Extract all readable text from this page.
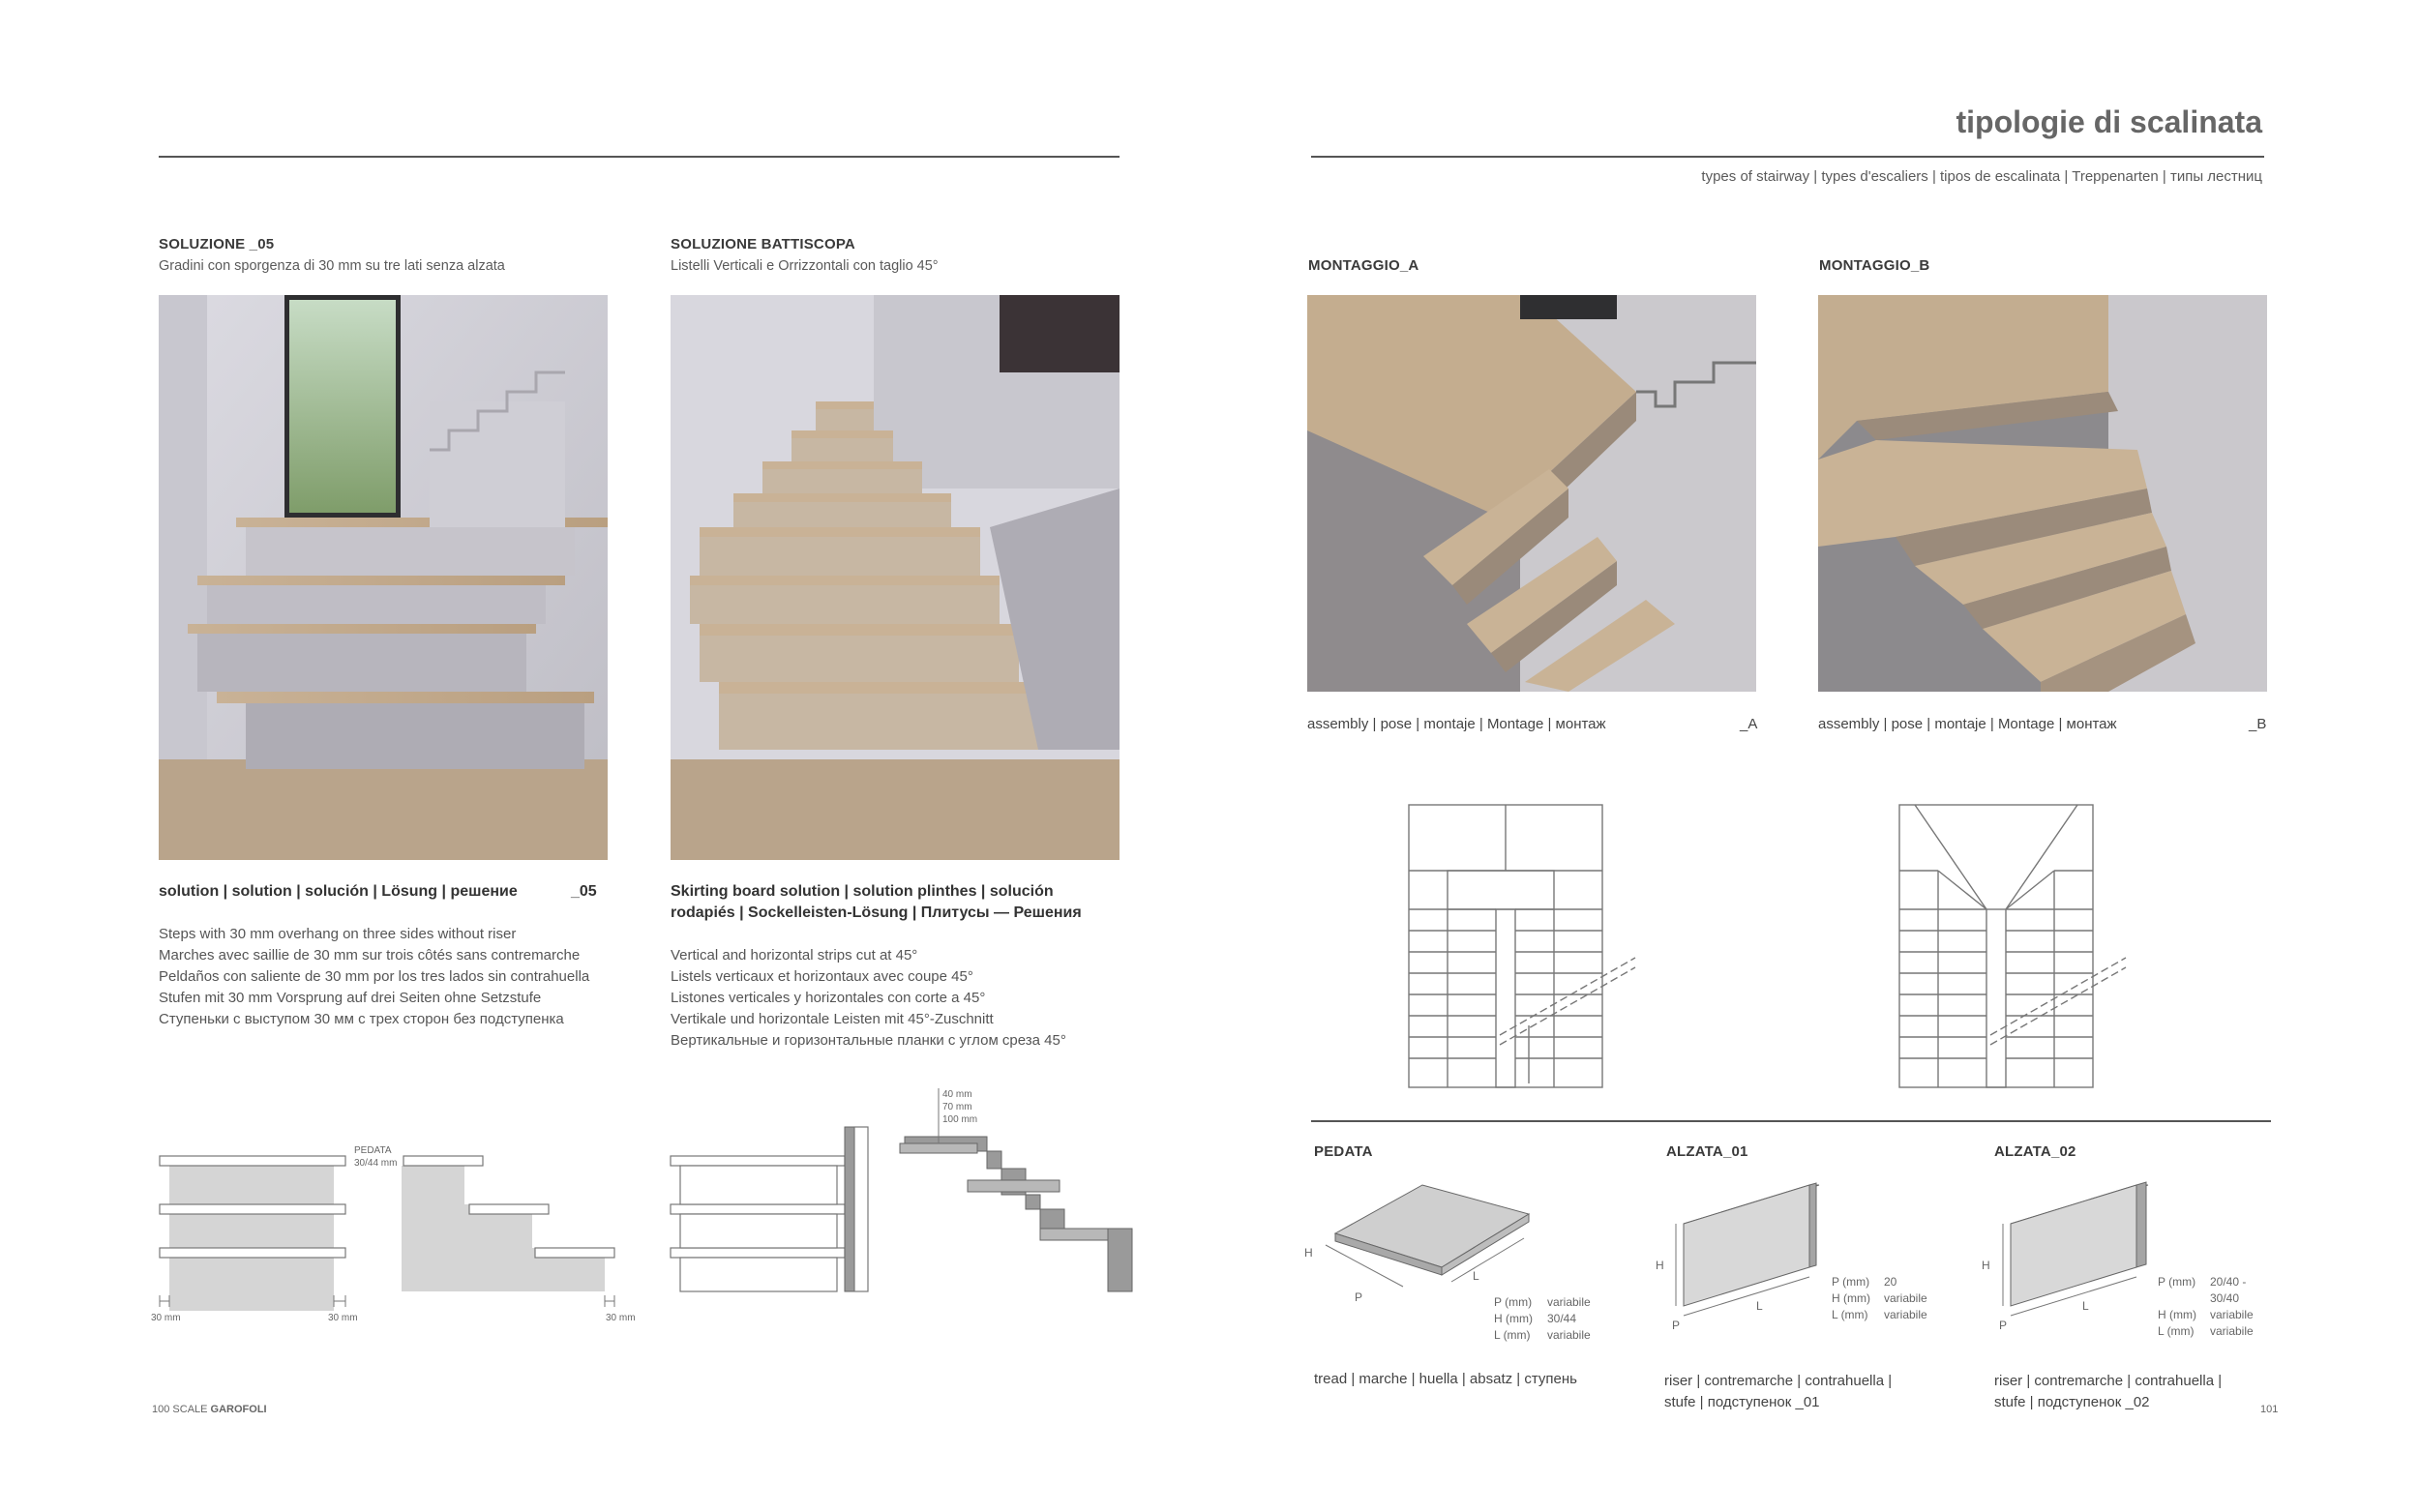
SOLUZIONE _05
Gradini con sporgenza di 30 mm su tre lati senza alzata
SOLUZIONE BATTISCOPA
Listelli Verticali e Orrizzontali con taglio 45°
solution | solution | solución | Lösung | решение	_05
Steps with 30 mm overhang on three sides without riser
Marches avec saillie de 30 mm sur trois côtés sans contremarche
Peldaños con saliente de 30 mm por los tres lados sin contrahuella
Stufen mit 30 mm Vorsprung auf drei Seiten ohne Setzstufe
Ступеньки с выступом 30 мм с трех сторон без подступенка
Skirting board solution | solution plinthes | solución
rodapiés | Sockelleisten-Lösung | Плитусы — Решения
Vertical and horizontal strips cut at 45°
Listels verticaux et horizontaux avec coupe 45°
Listones verticales y horizontales con corte a 45°
Vertikale und horizontale Leisten mit 45°-Zuschnitt
Вертикальные и горизонтальные планки с углом среза 45°
PEDATA
30/44 mm
30 mm	30 mm	30 mm
40 mm
70 mm
100 mm
100 SCALE GAROFOLI
tipologie di scalinata
types of stairway | types d'escaliers | tipos de escalinata | Treppenarten | типы лестниц
MONTAGGIO_A	MONTAGGIO_B
assembly | pose | montaje | Montage | монтаж	_A	assembly | pose | montaje | Montage | монтаж	_B
PEDATA
H
P
L
P (mm) variabile
H (mm) 30/44
L (mm) variabile
tread | marche | huella | absatz | ступень
ALZATA_01
H
P
L
P (mm) 20
H (mm) variabile
L (mm) variabile
riser | contremarche | contrahuella |
stufe | подступенок _01
ALZATA_02
H
P
L
P (mm) 20/40 -
30/40
H (mm) variabile
L (mm) variabile
riser | contremarche | contrahuella |
stufe | подступенок _02	101
